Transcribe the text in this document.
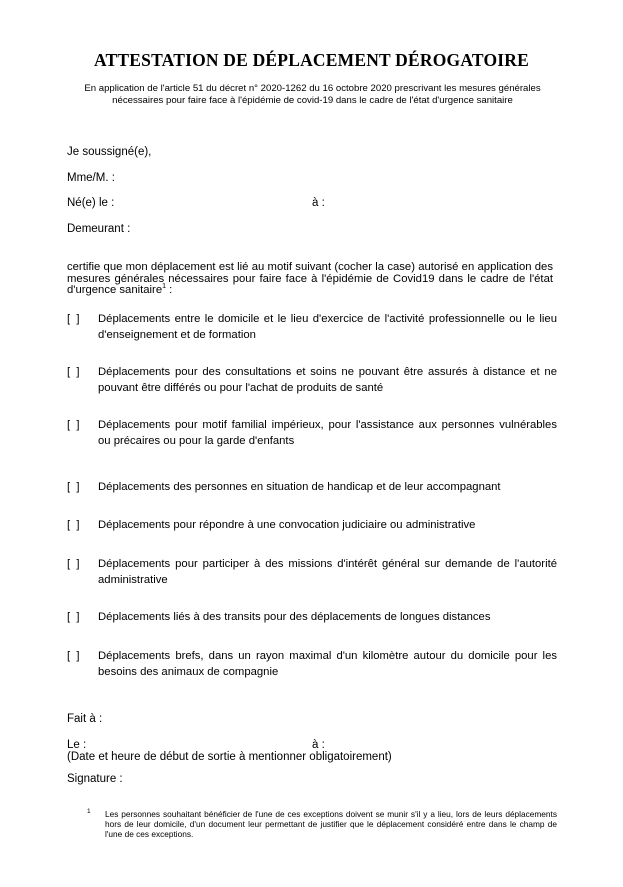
ATTESTATION DE DÉPLACEMENT DÉROGATOIRE
En application de l'article 51 du décret n° 2020-1262 du 16 octobre 2020 prescrivant les mesures générales nécessaires pour faire face à l'épidémie de covid-19 dans le cadre de l'état d'urgence sanitaire
Je soussigné(e),
Mme/M. :
Né(e) le :	à :
Demeurant :
certifie que mon déplacement est lié au motif suivant (cocher la case) autorisé en application des mesures générales nécessaires pour faire face à l'épidémie de Covid19 dans le cadre de l'état d'urgence sanitaire$^1$ :
[  ]	Déplacements entre le domicile et le lieu d'exercice de l'activité professionnelle ou le lieu d'enseignement et de formation
[  ]	Déplacements pour des consultations et soins ne pouvant être assurés à distance et ne pouvant être différés ou pour l'achat de produits de santé
[  ]	Déplacements pour motif familial impérieux, pour l'assistance aux personnes vulnérables ou précaires ou pour la garde d'enfants
[  ]	Déplacements des personnes en situation de handicap et de leur accompagnant
[  ]	Déplacements pour répondre à une convocation judiciaire ou administrative
[  ]	Déplacements pour participer à des missions d'intérêt général sur demande de l'autorité administrative
[  ]	Déplacements liés à des transits pour des déplacements de longues distances
[  ]	Déplacements brefs, dans un rayon maximal d'un kilomètre autour du domicile pour les besoins des animaux de compagnie
Fait à :
Le :	à :
(Date et heure de début de sortie à mentionner obligatoirement)
Signature :
1 Les personnes souhaitant bénéficier de l'une de ces exceptions doivent se munir s'il y a lieu, lors de leurs déplacements hors de leur domicile, d'un document leur permettant de justifier que le déplacement considéré entre dans le champ de l'une de ces exceptions.
